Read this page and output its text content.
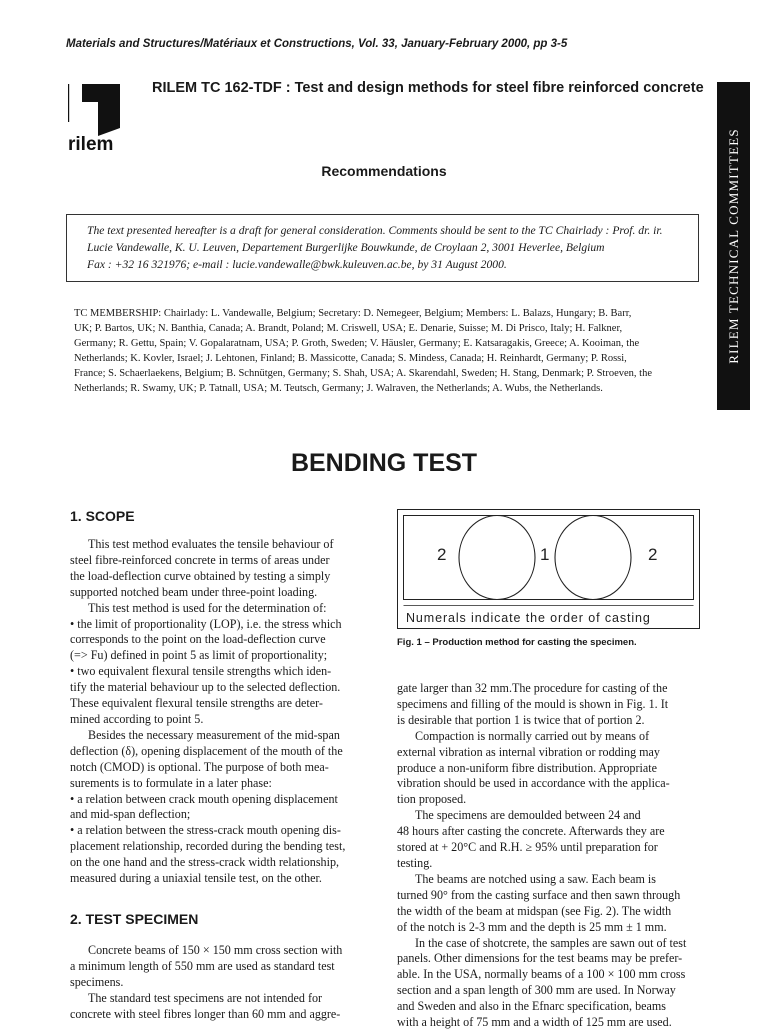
Materials and Structures/Matériaux et Constructions, Vol. 33, January-February 2000, pp 3-5
rilem
RILEM TC 162-TDF : Test and design methods for steel fibre reinforced concrete
Recommendations	RILEM TECHNICAL COMMITTEES
The text presented hereafter is a draft for general consideration. Comments should be sent to the TC Chairlady : Prof. dr. ir.
Lucie Vandewalle, K. U. Leuven, Departement Burgerlijke Bouwkunde, de Croylaan 2, 3001 Heverlee, Belgium
Fax : +32 16 321976; e-mail : lucie.vandewalle@bwk.kuleuven.ac.be, by 31 August 2000.
TC MEMBERSHIP: Chairlady: L. Vandewalle, Belgium; Secretary: D. Nemegeer, Belgium; Members: L. Balazs, Hungary; B. Barr,
UK; P. Bartos, UK; N. Banthia, Canada; A. Brandt, Poland; M. Criswell, USA; E. Denarie, Suisse; M. Di Prisco, Italy; H. Falkner,
Germany; R. Gettu, Spain; V. Gopalaratnam, USA; P. Groth, Sweden; V. Häusler, Germany; E. Katsaragakis, Greece; A. Kooiman, the
Netherlands; K. Kovler, Israel; J. Lehtonen, Finland; B. Massicotte, Canada; S. Mindess, Canada; H. Reinhardt, Germany; P. Rossi,
France; S. Schaerlaekens, Belgium; B. Schnütgen, Germany; S. Shah, USA; A. Skarendahl, Sweden; H. Stang, Denmark; P. Stroeven, the
Netherlands; R. Swamy, UK; P. Tatnall, USA; M. Teutsch, Germany; J. Walraven, the Netherlands; A. Wubs, the Netherlands.
BENDING TEST
1. SCOPE
This test method evaluates the tensile behaviour of
steel fibre-reinforced concrete in terms of areas under
the load-deflection curve obtained by testing a simply
supported notched beam under three-point loading.
This test method is used for the determination of:
• the limit of proportionality (LOP), i.e. the stress which
corresponds to the point on the load-deflection curve
(=> Fu) defined in point 5 as limit of proportionality;
• two equivalent flexural tensile strengths which iden-
tify the material behaviour up to the selected deflection.
These equivalent flexural tensile strengths are deter-
mined according to point 5.
Besides the necessary measurement of the mid-span
deflection (δ), opening displacement of the mouth of the
notch (CMOD) is optional. The purpose of both mea-
surements is to formulate in a later phase:
• a relation between crack mouth opening displacement
and mid-span deflection;
• a relation between the stress-crack mouth opening dis-
placement relationship, recorded during the bending test,
on the one hand and the stress-crack width relationship,
measured during a uniaxial tensile test, on the other.
2. TEST SPECIMEN
Concrete beams of 150 × 150 mm cross section with
a minimum length of 550 mm are used as standard test
specimens.
The standard test specimens are not intended for
concrete with steel fibres longer than 60 mm and aggre-
2	1	2
Numerals indicate the order of casting
Fig. 1 – Production method for casting the specimen.
gate larger than 32 mm.The procedure for casting of the
specimens and filling of the mould is shown in Fig. 1. It
is desirable that portion 1 is twice that of portion 2.
Compaction is normally carried out by means of
external vibration as internal vibration or rodding may
produce a non-uniform fibre distribution. Appropriate
vibration should be used in accordance with the applica-
tion proposed.
The specimens are demoulded between 24 and
48 hours after casting the concrete. Afterwards they are
stored at + 20°C and R.H. ≥ 95% until preparation for
testing.
The beams are notched using a saw. Each beam is
turned 90° from the casting surface and then sawn through
the width of the beam at midspan (see Fig. 2). The width
of the notch is 2-3 mm and the depth is 25 mm ± 1 mm.
In the case of shotcrete, the samples are sawn out of test
panels. Other dimensions for the test beams may be prefer-
able. In the USA, normally beams of a 100 × 100 mm cross
section and a span length of 300 mm are used. In Norway
and Sweden and also in the Efnarc specification, beams
with a height of 75 mm and a width of 125 mm are used.
